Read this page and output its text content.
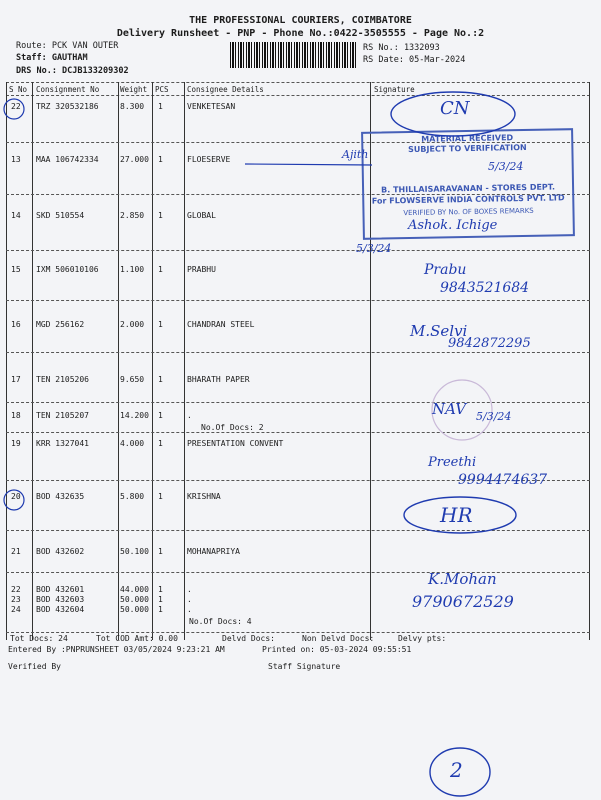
THE PROFESSIONAL COURIERS, COIMBATORE
Delivery Runsheet - PNP - Phone No.:0422-3505555 - Page No.:2
Route: PCK VAN OUTER
Staff: GAUTHAM
DRS No.: DCJB133209302
RS No.: 1332093
RS Date: 05-Mar-2024
S No Consignment No	Weight PCS Consignee Details	Signature
22 TRZ 320532186	8.300 1	VENKETESAN
13 MAA 106742334	27.000 1	FLOESERVE
14 SKD 510554	2.850 1	GLOBAL
15 IXM 506010106	1.100 1	PRABHU
16 MGD 256162	2.000 1	CHANDRAN STEEL
17 TEN 2105206	9.650 1	BHARATH PAPER
18 TEN 2105207	14.200 1	.
No.Of Docs: 2
19 KRR 1327041	4.000 1	PRESENTATION CONVENT
20 BOD 432635	5.800 1	KRISHNA
21 BOD 432602	50.100 1	MOHANAPRIYA
22 BOD 432601	44.000 1	.
23 BOD 432603	50.000 1	.
24 BOD 432604	50.000 1	.
No.Of Docs: 4
Tot Docs: 24	Tot COD Amt: 0.00	Delvd Docs:	Non Delvd Docs:	Delvy pts:
Entered By :PNPRUNSHEET 03/05/2024 9:23:21 AM	Printed on: 05-03-2024 09:55:51
Verified By	Staff Signature
MATERIAL RECEIVED
SUBJECT TO VERIFICATION
B. THILLAISARAVANAN - STORES DEPT.
For FLOWSERVE INDIA CONTROLS PVT. LTD
VERIFIED BY No. OF BOXES REMARKS
CN
Ajith
5/3/24
Ashok. Ichige
5/3/24
Prabu
9843521684
M.Selvi
9842872295
NAV 5/3/24
Preethi
9994474637
HR
K.Mohan
9790672529
2
